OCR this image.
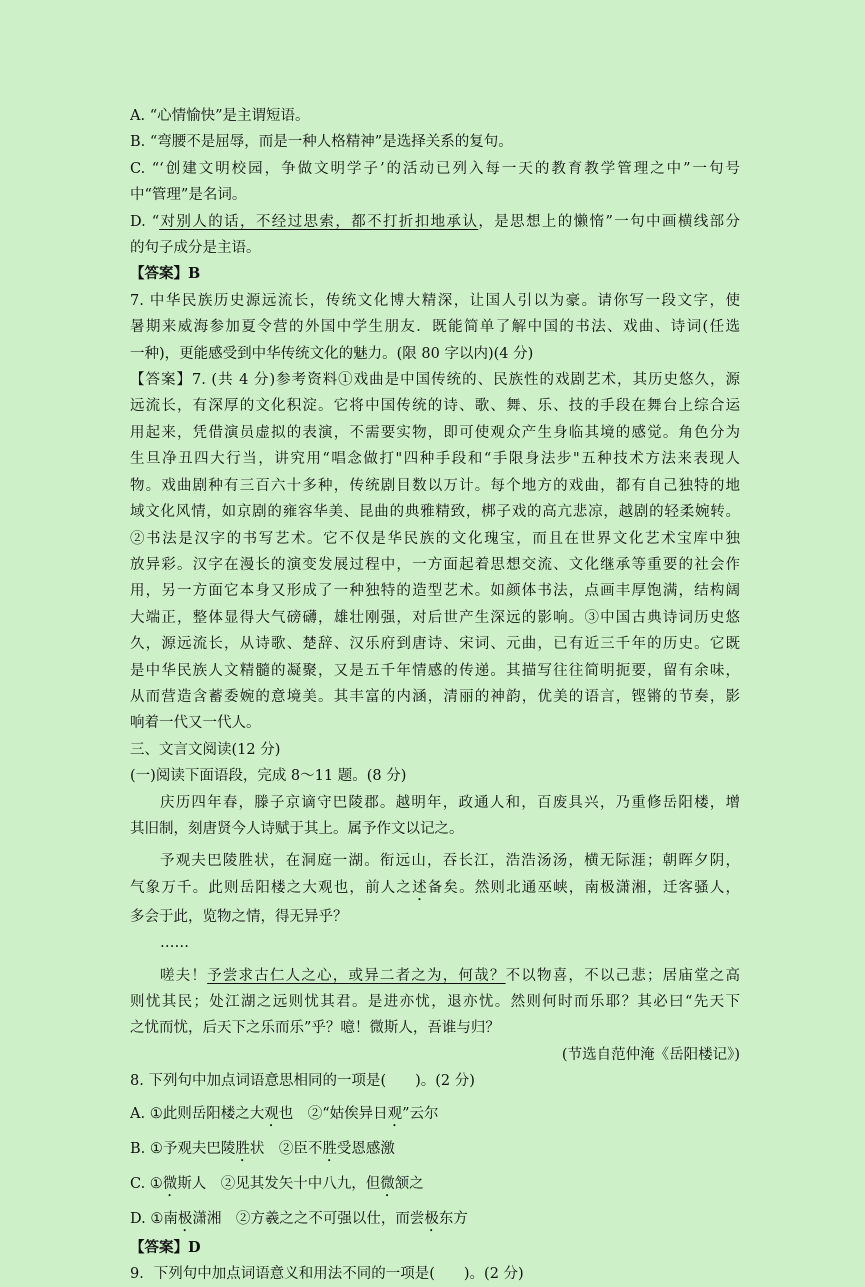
A. “心情愉快”是主谓短语。
B. “弯腰不是屈辱，而是一种人格精神”是选择关系的复句。
C. “‘创建文明校园，争做文明学子’的活动已列入每一天的教育教学管理之中”一句号
中“管理”是名词。
D. “对别人的话，不经过思索，都不打折扣地承认，是思想上的懒惰”一句中画横线部分
的句子成分是主语。
【答案】B
7. 中华民族历史源远流长，传统文化博大精深，让国人引以为豪。请你写一段文字，使
暑期来威海参加夏令营的外国中学生朋友．既能简单了解中国的书法、戏曲、诗词(任选
一种)，更能感受到中华传统文化的魅力。(限 80 字以内)(4 分)
【答案】7. (共 4 分)参考资料①戏曲是中国传统的、民族性的戏剧艺术，其历史悠久，源
远流长，有深厚的文化积淀。它将中国传统的诗、歌、舞、乐、技的手段在舞台上综合运
用起来，凭借演员虚拟的表演，不需要实物，即可使观众产生身临其境的感觉。角色分为
生旦净丑四大行当，讲究用“唱念做打"四种手段和“手限身法步"五种技术方法来表现人
物。戏曲剧种有三百六十多种，传统剧目数以万计。每个地方的戏曲，都有自己独特的地
域文化风情，如京剧的雍容华美、昆曲的典雅精致，梆子戏的高亢悲凉，越剧的轻柔婉转。
②书法是汉字的书写艺术。它不仅是华民族的文化瑰宝，而且在世界文化艺术宝库中独
放异彩。汉字在漫长的演变发展过程中，一方面起着思想交流、文化继承等重要的社会作
用，另一方面它本身又形成了一种独特的造型艺术。如颜体书法，点画丰厚饱满，结构阔
大端正，整体显得大气磅礴，雄壮刚强，对后世产生深远的影响。③中国古典诗词历史悠
久，源远流长，从诗歌、楚辞、汉乐府到唐诗、宋词、元曲，已有近三千年的历史。它既
是中华民族人文精髓的凝聚，又是五千年情感的传递。其描写往往简明扼要，留有余味，
从而营造含蓄委婉的意境美。其丰富的内涵，清丽的神韵，优美的语言，铿锵的节奏，影
响着一代又一代人。
三、文言文阅读(12 分)
(一)阅读下面语段，完成 8～11 题。(8 分)
庆历四年春，滕子京谪守巴陵郡。越明年，政通人和，百废具兴，乃重修岳阳楼，增
其旧制，刻唐贤今人诗赋于其上。属予作文以记之。
予观夫巴陵胜状，在洞庭一湖。衔远山，吞长江，浩浩汤汤，横无际涯；朝晖夕阴，
气象万千。此则岳阳楼之大观也，前人之述备矣。然则北通巫峡，南极潇湘，迁客骚人，
多会于此，览物之情，得无异乎？
……
嗟夫！予尝求古仁人之心，或异二者之为，何哉？不以物喜，不以己悲；居庙堂之高
则忧其民；处江湖之远则忧其君。是进亦忧，退亦忧。然则何时而乐耶？其必曰“先天下
之忧而忧，后天下之乐而乐”乎？噫！微斯人，吾谁与归？
(节选自范仲淹《岳阳楼记》)
8. 下列句中加点词语意思相同的一项是(　　)。(2 分)
A. ①此则岳阳楼之大观也　②“姑俟异日观”云尔
B. ①予观夫巴陵胜状　②臣不胜受恩感激
C. ①微斯人　②见其发矢十中八九，但微颔之
D. ①南极潇湘　②方羲之之不可强以仕，而尝极东方
【答案】D
9．下列句中加点词语意义和用法不同的一项是(　　)。(2 分)
